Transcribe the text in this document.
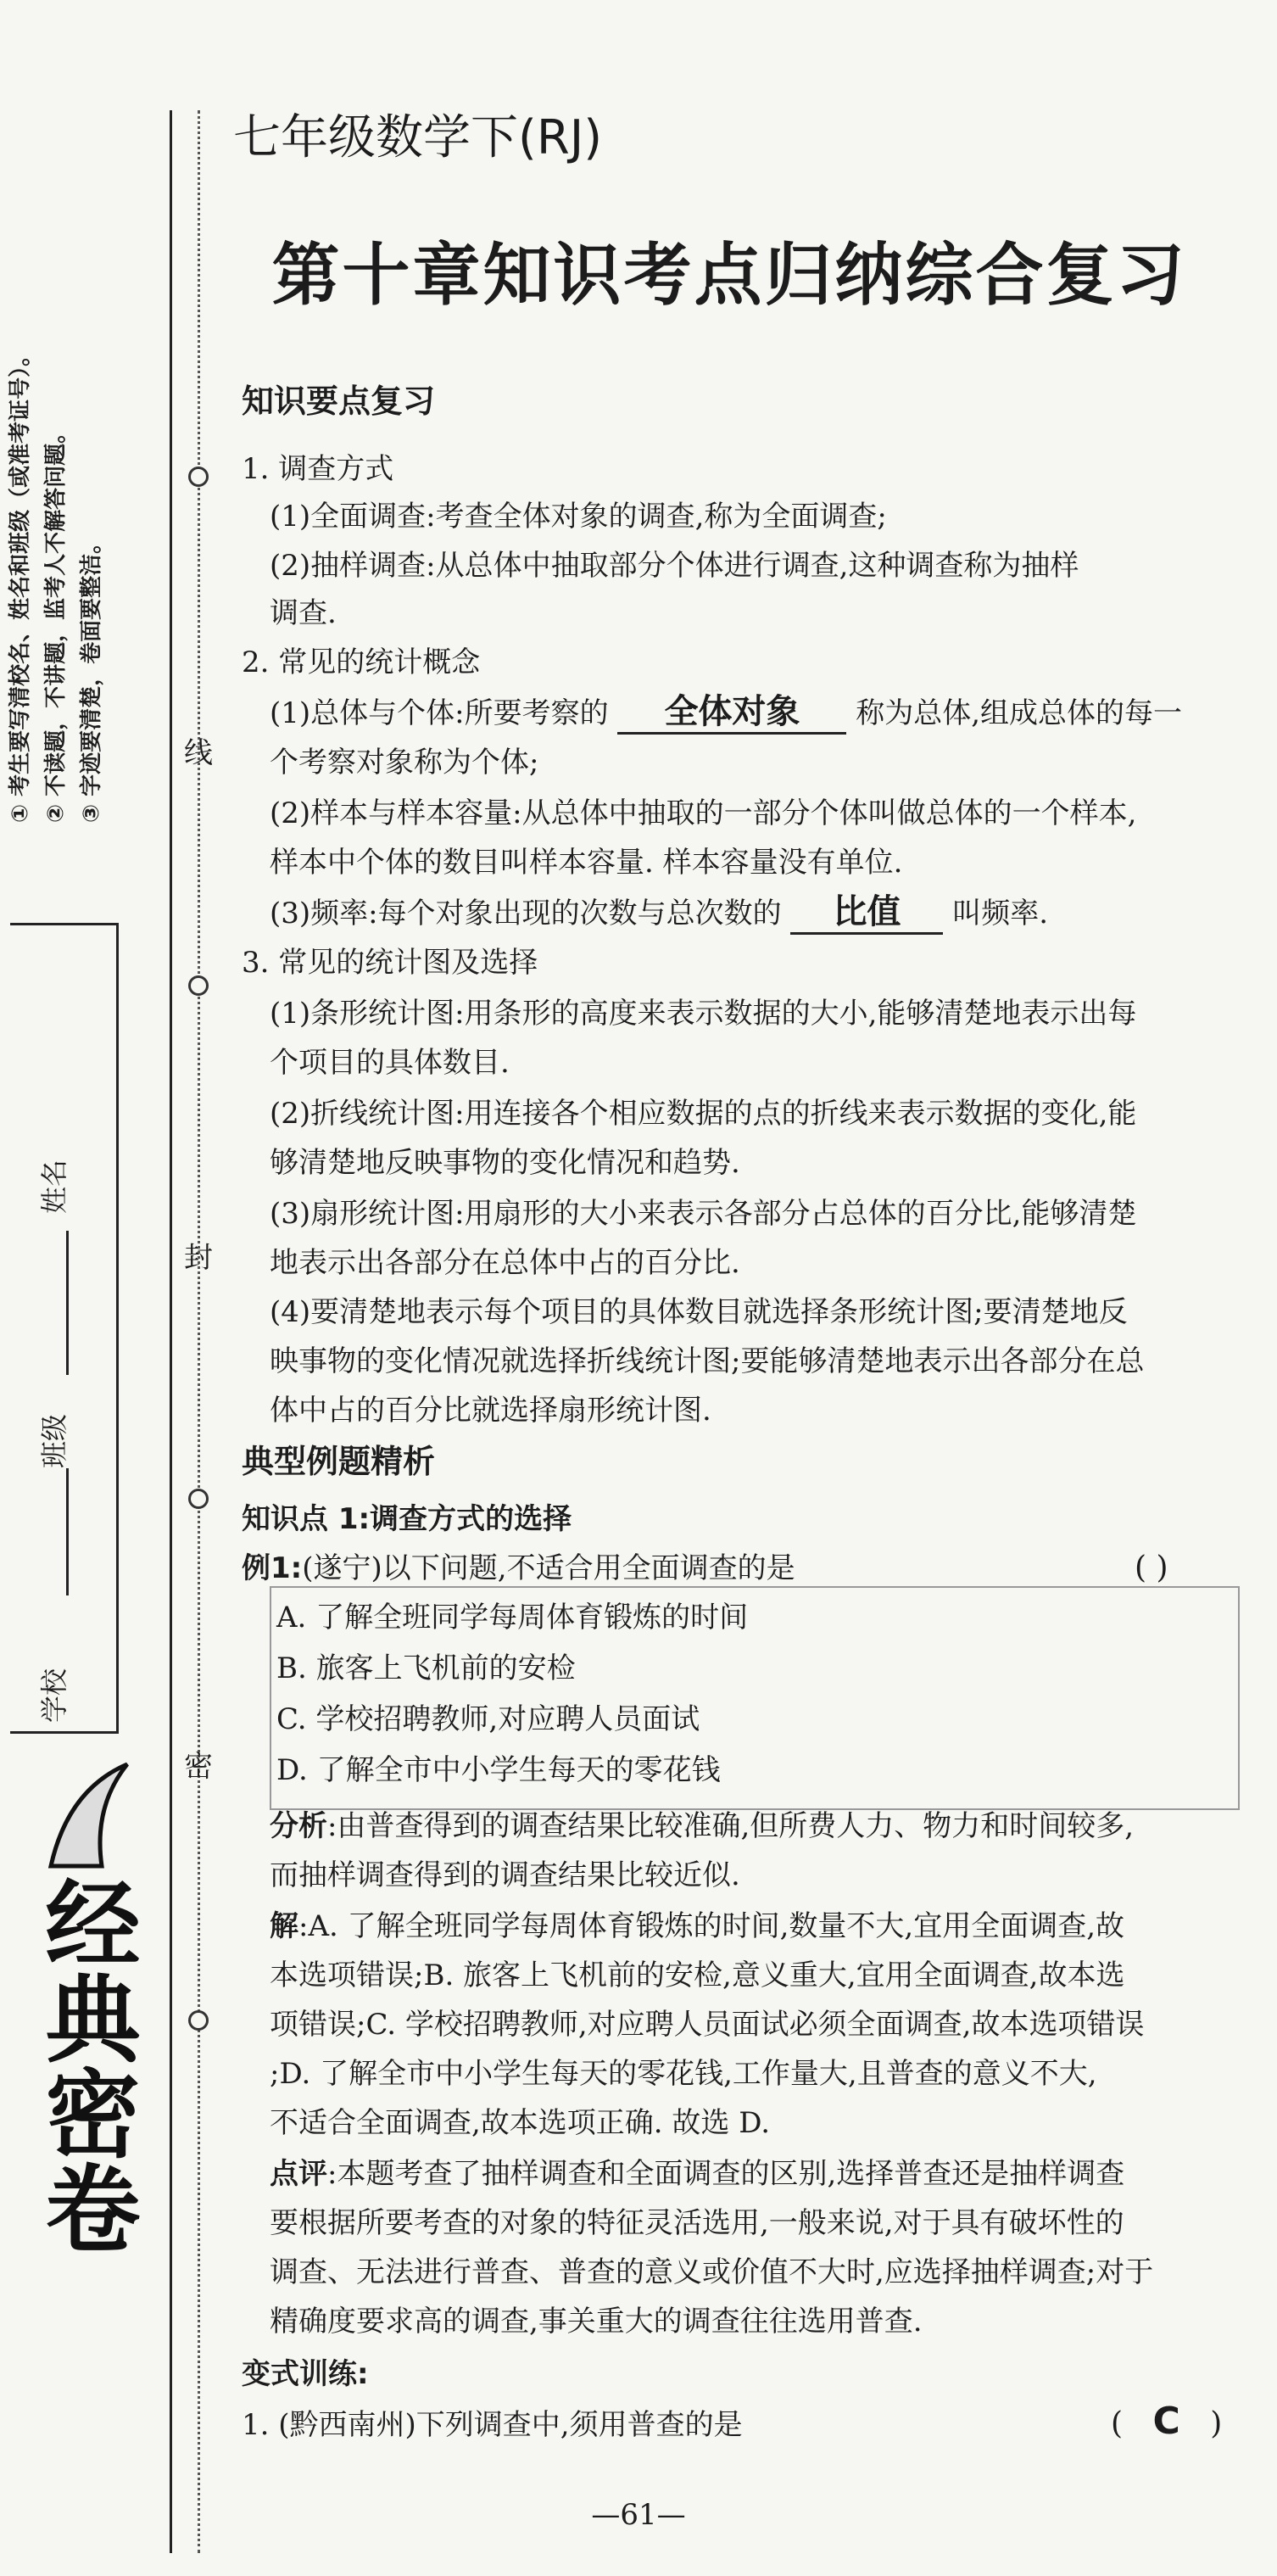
线
封
密
① 考生要写清校名、姓名和班级（或准考证号）。 ② 不读题，不讲题，监考人不解答问题。 ③ 字迹要清楚，卷面要整洁。
姓名
班级
学校
经典密卷
七年级数学下(RJ)
第十章知识考点归纳综合复习
知识要点复习
1. 调查方式
(1)全面调查:考查全体对象的调查,称为全面调查;
(2)抽样调查:从总体中抽取部分个体进行调查,这种调查称为抽样
调查.
2. 常见的统计概念
(1)总体与个体:所要考察的 全体对象 称为总体,组成总体的每一
个考察对象称为个体;
(2)样本与样本容量:从总体中抽取的一部分个体叫做总体的一个样本,
样本中个体的数目叫样本容量. 样本容量没有单位.
(3)频率:每个对象出现的次数与总次数的 比值 叫频率.
3. 常见的统计图及选择
(1)条形统计图:用条形的高度来表示数据的大小,能够清楚地表示出每
个项目的具体数目.
(2)折线统计图:用连接各个相应数据的点的折线来表示数据的变化,能
够清楚地反映事物的变化情况和趋势.
(3)扇形统计图:用扇形的大小来表示各部分占总体的百分比,能够清楚
地表示出各部分在总体中占的百分比.
(4)要清楚地表示每个项目的具体数目就选择条形统计图;要清楚地反
映事物的变化情况就选择折线统计图;要能够清楚地表示出各部分在总
体中占的百分比就选择扇形统计图.
典型例题精析
知识点 1:调查方式的选择
例1:(遂宁)以下问题,不适合用全面调查的是	( )
A. 了解全班同学每周体育锻炼的时间
B. 旅客上飞机前的安检
C. 学校招聘教师,对应聘人员面试
D. 了解全市中小学生每天的零花钱
分析:由普查得到的调查结果比较准确,但所费人力、物力和时间较多,
而抽样调查得到的调查结果比较近似.
解:A. 了解全班同学每周体育锻炼的时间,数量不大,宜用全面调查,故
本选项错误;B. 旅客上飞机前的安检,意义重大,宜用全面调查,故本选
项错误;C. 学校招聘教师,对应聘人员面试必须全面调查,故本选项错误
;D. 了解全市中小学生每天的零花钱,工作量大,且普查的意义不大,
不适合全面调查,故本选项正确. 故选 D.
点评:本题考查了抽样调查和全面调查的区别,选择普查还是抽样调查
要根据所要考查的对象的特征灵活选用,一般来说,对于具有破坏性的
调查、无法进行普查、普查的意义或价值不大时,应选择抽样调查;对于
精确度要求高的调查,事关重大的调查往往选用普查.
变式训练:
1. (黔西南州)下列调查中,须用普查的是	( C )
—61—
